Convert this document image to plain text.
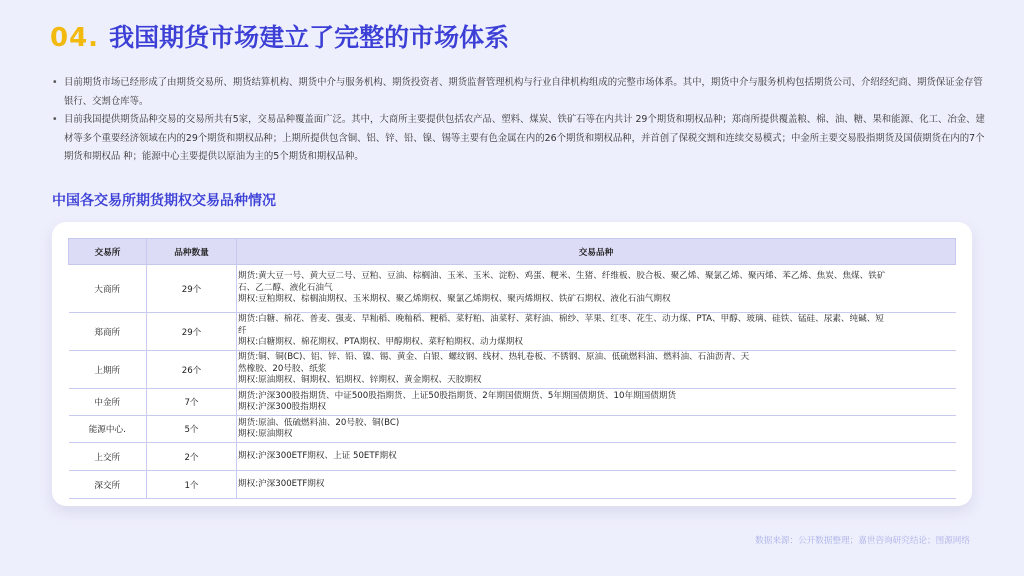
04. 我国期货市场建立了完整的市场体系

• 目前期货市场已经形成了由期货交易所、期货结算机构、期货中介与服务机构、期货投资者、期货监督管理机构与行业自律机构组成的完整市场体系。其中，期货中介与服务机构包括期货公司、介绍经纪商、期货保证金存管银行、交割仓库等。

• 目前我国提供期货品种交易的交易所共有5家，交易品种覆盖面广泛。其中，大商所主要提供包括农产品、塑料、煤炭、铁矿石等在内共计 29个期货和期权品种；郑商所提供覆盖粮、棉、油、糖、果和能源、化工、冶金、建材等多个重要经济领域在内的29个期货和期权品种；上期所提供包含铜、铝、锌、铅、镍、锡等主要有色金属在内的26个期货和期权品种，并首创了保税交割和连续交易模式；中金所主要交易股指期货及国债期货在内的7个期货和期权品 种；能源中心主要提供以原油为主的5个期货和期权品种。

中国各交易所期货期权交易品种情况
交易所	品种数量	交易品种
大商所	29个	期货:黄大豆一号、黄大豆二号、豆粕、豆油、棕榈油、玉米、玉米、淀粉、鸡蛋、粳米、生猪、纤维板、胶合板、聚乙烯、聚氯乙烯、聚丙烯、苯乙烯、焦炭、焦煤、铁矿
石、乙二醇、液化石油气
期权:豆粕期权、棕榈油期权、玉米期权、聚乙烯期权、聚氯乙烯期权、聚丙烯期权、铁矿石期权、液化石油气期权

郑商所	29个	期货:白糖、棉花、普麦、强麦、早籼稻、晚籼稻、粳稻、菜籽粕、油菜籽、菜籽油、棉纱、苹果、红枣、花生、动力煤、PTA、甲醇、玻璃、硅铁、锰硅、尿素、纯碱、短
纤
期权:白糖期权、棉花期权、PTA期权、甲醇期权、菜籽粕期权、动力煤期权

上期所	26个	期货:铜、铜(BC)、铝、锌、铅、镍、锡、黄金、白银、螺纹钢、线材、热轧卷板、不锈钢、原油、低硫燃料油、燃料油、石油沥青、天
然橡胶、20号胶、纸浆
期权:原油期权、铜期权、铝期权、锌期权、黄金期权、天胶期权

中金所	7个	期货:沪深300股指期货、中证500股指期货、上证50股指期货、2年期国债期货、5年期国债期货、10年期国债期货
期权:沪深300股指期权

能源中心.	5个	期货:原油、低硫燃料油、20号胶、铜(BC)
期权:原油期权

上交所	2个	期权:沪深300ETF期权、上证 50ETF期权

深交所	1个	期权:沪深300ETF期权
数据来源：公开数据整理；嘉世咨询研究结论；图源网络
